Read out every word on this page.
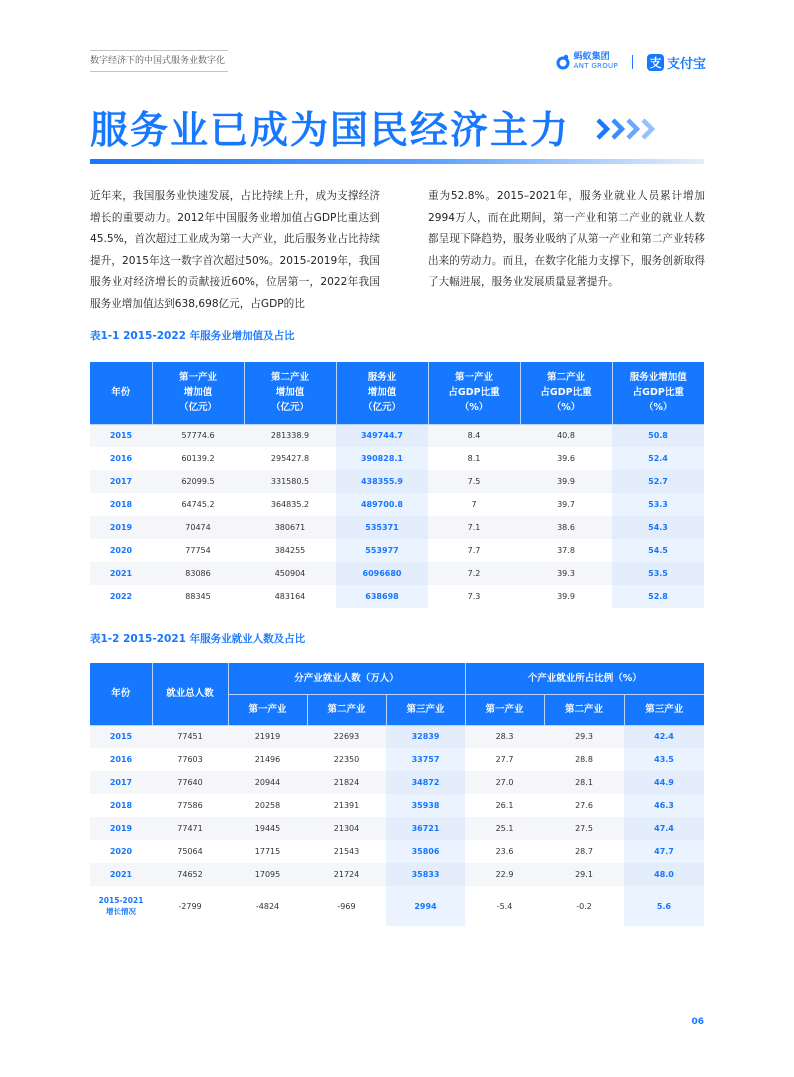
数字经济下的中国式服务业数字化	蚂蚁集团
ANT GROUP	支 支付宝
服务业已成为国民经济主力

近年来，我国服务业快速发展，占比持续上升，成为支撑经济增长的重要动力。2012年中国服务业增加值占GDP比重达到45.5%，首次超过工业成为第一大产业，此后服务业占比持续提升，2015年这一数字首次超过50%。2015-2019年，我国服务业对经济增长的贡献接近60%，位居第一，2022年我国服务业增加值达到638,698亿元，占GDP的比

重为52.8%。2015–2021年，服务业就业人员累计增加2994万人，而在此期间，第一产业和第二产业的就业人数都呈现下降趋势，服务业吸纳了从第一产业和第二产业转移出来的劳动力。而且，在数字化能力支撑下，服务创新取得了大幅进展，服务业发展质量显著提升。

表1-1 2015-2022 年服务业增加值及占比
年份	第一产业
增加值
（亿元）	第二产业
增加值
（亿元）	服务业
增加值
（亿元）	第一产业
占GDP比重
（%）	第二产业
占GDP比重
（%）	服务业增加值
占GDP比重
（%）
2015	57774.6	281338.9	349744.7	8.4	40.8	50.8
2016	60139.2	295427.8	390828.1	8.1	39.6	52.4
2017	62099.5	331580.5	438355.9	7.5	39.9	52.7
2018	64745.2	364835.2	489700.8	7	39.7	53.3
2019	70474	380671	535371	7.1	38.6	54.3
2020	77754	384255	553977	7.7	37.8	54.5
2021	83086	450904	6096680	7.2	39.3	53.5
2022	88345	483164	638698	7.3	39.9	52.8
表1-2 2015-2021 年服务业就业人数及占比
年份	就业总人数	分产业就业人数（万人）			个产业就业所占比例（%）		
		第一产业	第二产业	第三产业	第一产业	第二产业	第三产业
2015	77451	21919	22693	32839	28.3	29.3	42.4
2016	77603	21496	22350	33757	27.7	28.8	43.5
2017	77640	20944	21824	34872	27.0	28.1	44.9
2018	77586	20258	21391	35938	26.1	27.6	46.3
2019	77471	19445	21304	36721	25.1	27.5	47.4
2020	75064	17715	21543	35806	23.6	28.7	47.7
2021	74652	17095	21724	35833	22.9	29.1	48.0
2015-2021
增长情况	-2799	-4824	-969	2994	-5.4	-0.2	5.6
06
